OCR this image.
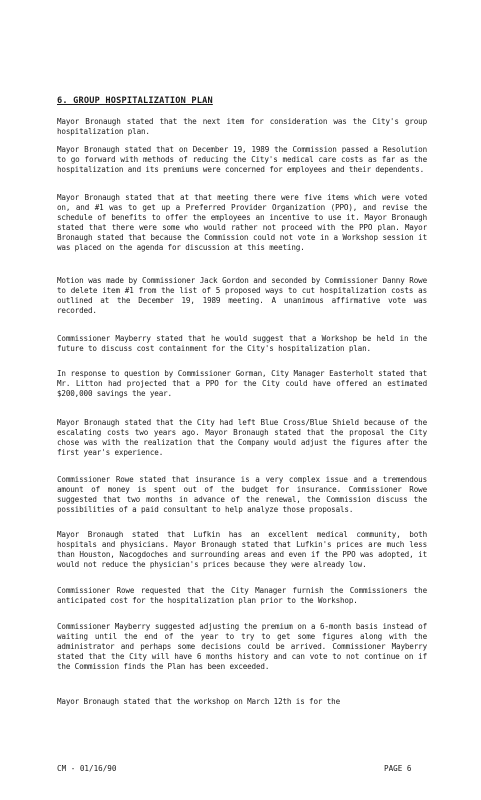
6. GROUP HOSPITALIZATION PLAN
Mayor Bronaugh stated that the next item for consideration was the City's group hospitalization plan.
Mayor Bronaugh stated that on December 19, 1989 the Commission passed a Resolution to go forward with methods of reducing the City's medical care costs as far as the hospitalization and its premiums were concerned for employees and their dependents.
Mayor Bronaugh stated that at that meeting there were five items which were voted on, and #1 was to get up a Preferred Provider Organization (PPO), and revise the schedule of benefits to offer the employees an incentive to use it. Mayor Bronaugh stated that there were some who would rather not proceed with the PPO plan. Mayor Bronaugh stated that because the Commission could not vote in a Workshop session it was placed on the agenda for discussion at this meeting.
Motion was made by Commissioner Jack Gordon and seconded by Commissioner Danny Rowe to delete item #1 from the list of 5 proposed ways to cut hospitalization costs as outlined at the December 19, 1989 meeting. A unanimous affirmative vote was recorded.
Commissioner Mayberry stated that he would suggest that a Workshop be held in the future to discuss cost containment for the City's hospitalization plan.
In response to question by Commissioner Gorman, City Manager Easterholt stated that Mr. Litton had projected that a PPO for the City could have offered an estimated $200,000 savings the year.
Mayor Bronaugh stated that the City had left Blue Cross/Blue Shield because of the escalating costs two years ago. Mayor Bronaugh stated that the proposal the City chose was with the realization that the Company would adjust the figures after the first year's experience.
Commissioner Rowe stated that insurance is a very complex issue and a tremendous amount of money is spent out of the budget for insurance. Commissioner Rowe suggested that two months in advance of the renewal, the Commission discuss the possibilities of a paid consultant to help analyze those proposals.
Mayor Bronaugh stated that Lufkin has an excellent medical community, both hospitals and physicians. Mayor Bronaugh stated that Lufkin's prices are much less than Houston, Nacogdoches and surrounding areas and even if the PPO was adopted, it would not reduce the physician's prices because they were already low.
Commissioner Rowe requested that the City Manager furnish the Commissioners the anticipated cost for the hospitalization plan prior to the Workshop.
Commissioner Mayberry suggested adjusting the premium on a 6-month basis instead of waiting until the end of the year to try to get some figures along with the administrator and perhaps some decisions could be arrived. Commissioner Mayberry stated that the City will have 6 months history and can vote to not continue on if the Commission finds the Plan has been exceeded.
Mayor Bronaugh stated that the workshop on March 12th is for the
CM - 01/16/90	PAGE 6
